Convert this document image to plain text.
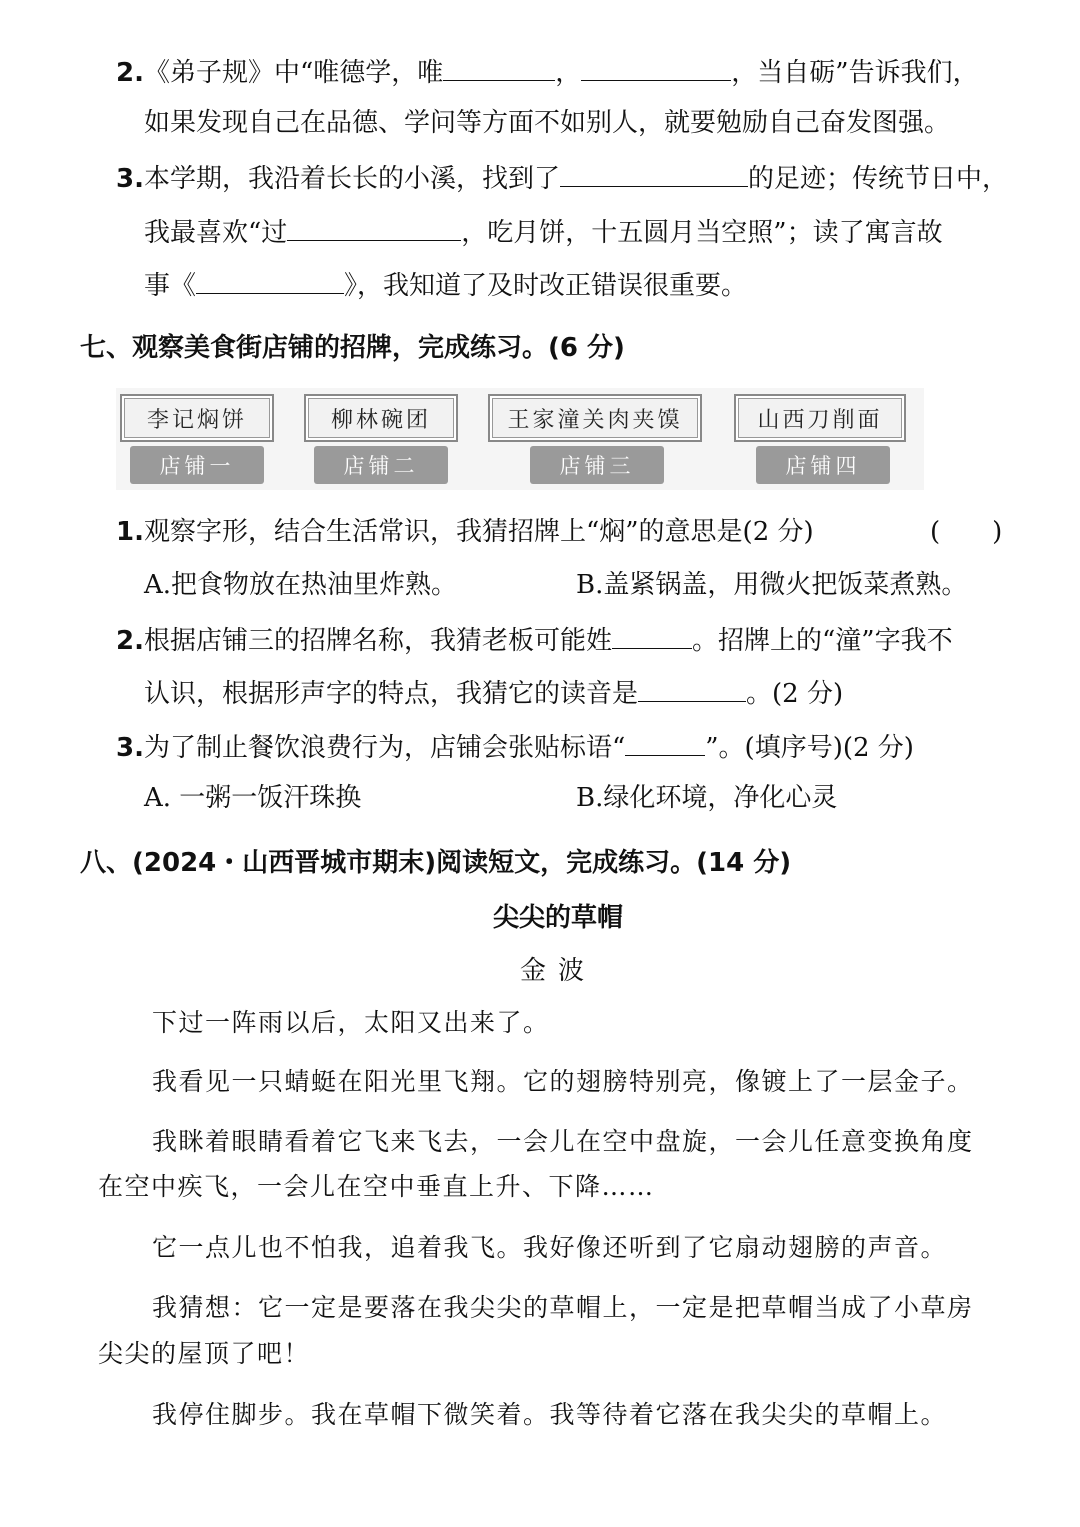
2.《弟子规》中“唯德学，唯	，	，当自砺”告诉我们，
如果发现自己在品德、学问等方面不如别人，就要勉励自己奋发图强。
3.本学期，我沿着长长的小溪，找到了	的足迹；传统节日中，
我最喜欢“过	，吃月饼，十五圆月当空照”；读了寓言故
事《	》，我知道了及时改正错误很重要。
七、观察美食街店铺的招牌，完成练习。(6 分)
李记焖饼
店铺一
柳林碗团
店铺二
王家潼关肉夹馍
店铺三
山西刀削面
店铺四
1.观察字形，结合生活常识，我猜招牌上“焖”的意思是(2 分)	(　　)
A.把食物放在热油里炸熟。	B.盖紧锅盖，用微火把饭菜煮熟。
2.根据店铺三的招牌名称，我猜老板可能姓	。招牌上的“潼”字我不
认识，根据形声字的特点，我猜它的读音是	。(2 分)
3.为了制止餐饮浪费行为，店铺会张贴标语“	”。(填序号)(2 分)
A. 一粥一饭汗珠换	B.绿化环境，净化心灵
八、(2024・山西晋城市期末)阅读短文，完成练习。(14 分)
尖尖的草帽
金波
下过一阵雨以后，太阳又出来了。
我看见一只蜻蜓在阳光里飞翔。它的翅膀特别亮，像镀上了一层金子。
我眯着眼睛看着它飞来飞去，一会儿在空中盘旋，一会儿任意变换角度
在空中疾飞，一会儿在空中垂直上升、下降……
它一点儿也不怕我，追着我飞。我好像还听到了它扇动翅膀的声音。
我猜想：它一定是要落在我尖尖的草帽上，一定是把草帽当成了小草房
尖尖的屋顶了吧！
我停住脚步。我在草帽下微笑着。我等待着它落在我尖尖的草帽上。
